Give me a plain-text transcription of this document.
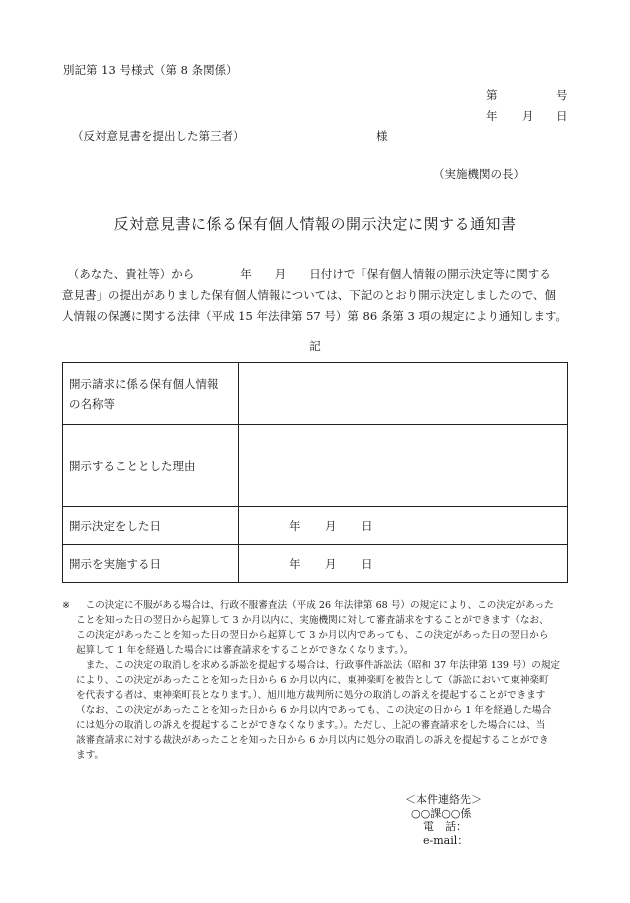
別記第 13 号様式（第 8 条関係）
第	号
年 月 日
（反対意見書を提出した第三者）	様
（実施機関の長）
反対意見書に係る保有個人情報の開示決定に関する通知書
　（あなた、貴社等）から　　　　年　　月　　日付けで「保有個人情報の開示決定等に関する
意見書」の提出がありました保有個人情報については、下記のとおり開示決定しましたので、個
人情報の保護に関する法律（平成 15 年法律第 57 号）第 86 条第 3 項の規定により通知します。
記
開示請求に係る保有個人情報
の名称等	
開示することとした理由	
開示決定をした日	年 月 日

開示を実施する日	年 月 日
※ 　この決定に不服がある場合は、行政不服審査法（平成 26 年法律第 68 号）の規定により、この決定があった
ことを知った日の翌日から起算して 3 か月以内に、実施機関に対して審査請求をすることができます（なお、
この決定があったことを知った日の翌日から起算して 3 か月以内であっても、この決定があった日の翌日から
起算して 1 年を経過した場合には審査請求をすることができなくなります。）。
　また、この決定の取消しを求める訴訟を提起する場合は、行政事件訴訟法（昭和 37 年法律第 139 号）の規定
により、この決定があったことを知った日から 6 か月以内に、東神楽町を被告として（訴訟において東神楽町
を代表する者は、東神楽町長となります。）、旭川地方裁判所に処分の取消しの訴えを提起することができます
（なお、この決定があったことを知った日から 6 か月以内であっても、この決定の日から 1 年を経過した場合
には処分の取消しの訴えを提起することができなくなります。）。ただし、上記の審査請求をした場合には、当
該審査請求に対する裁決があったことを知った日から 6 か月以内に処分の取消しの訴えを提起することができ
ます。
＜本件連絡先＞
○○課○○係
電　話：
e-mail：
